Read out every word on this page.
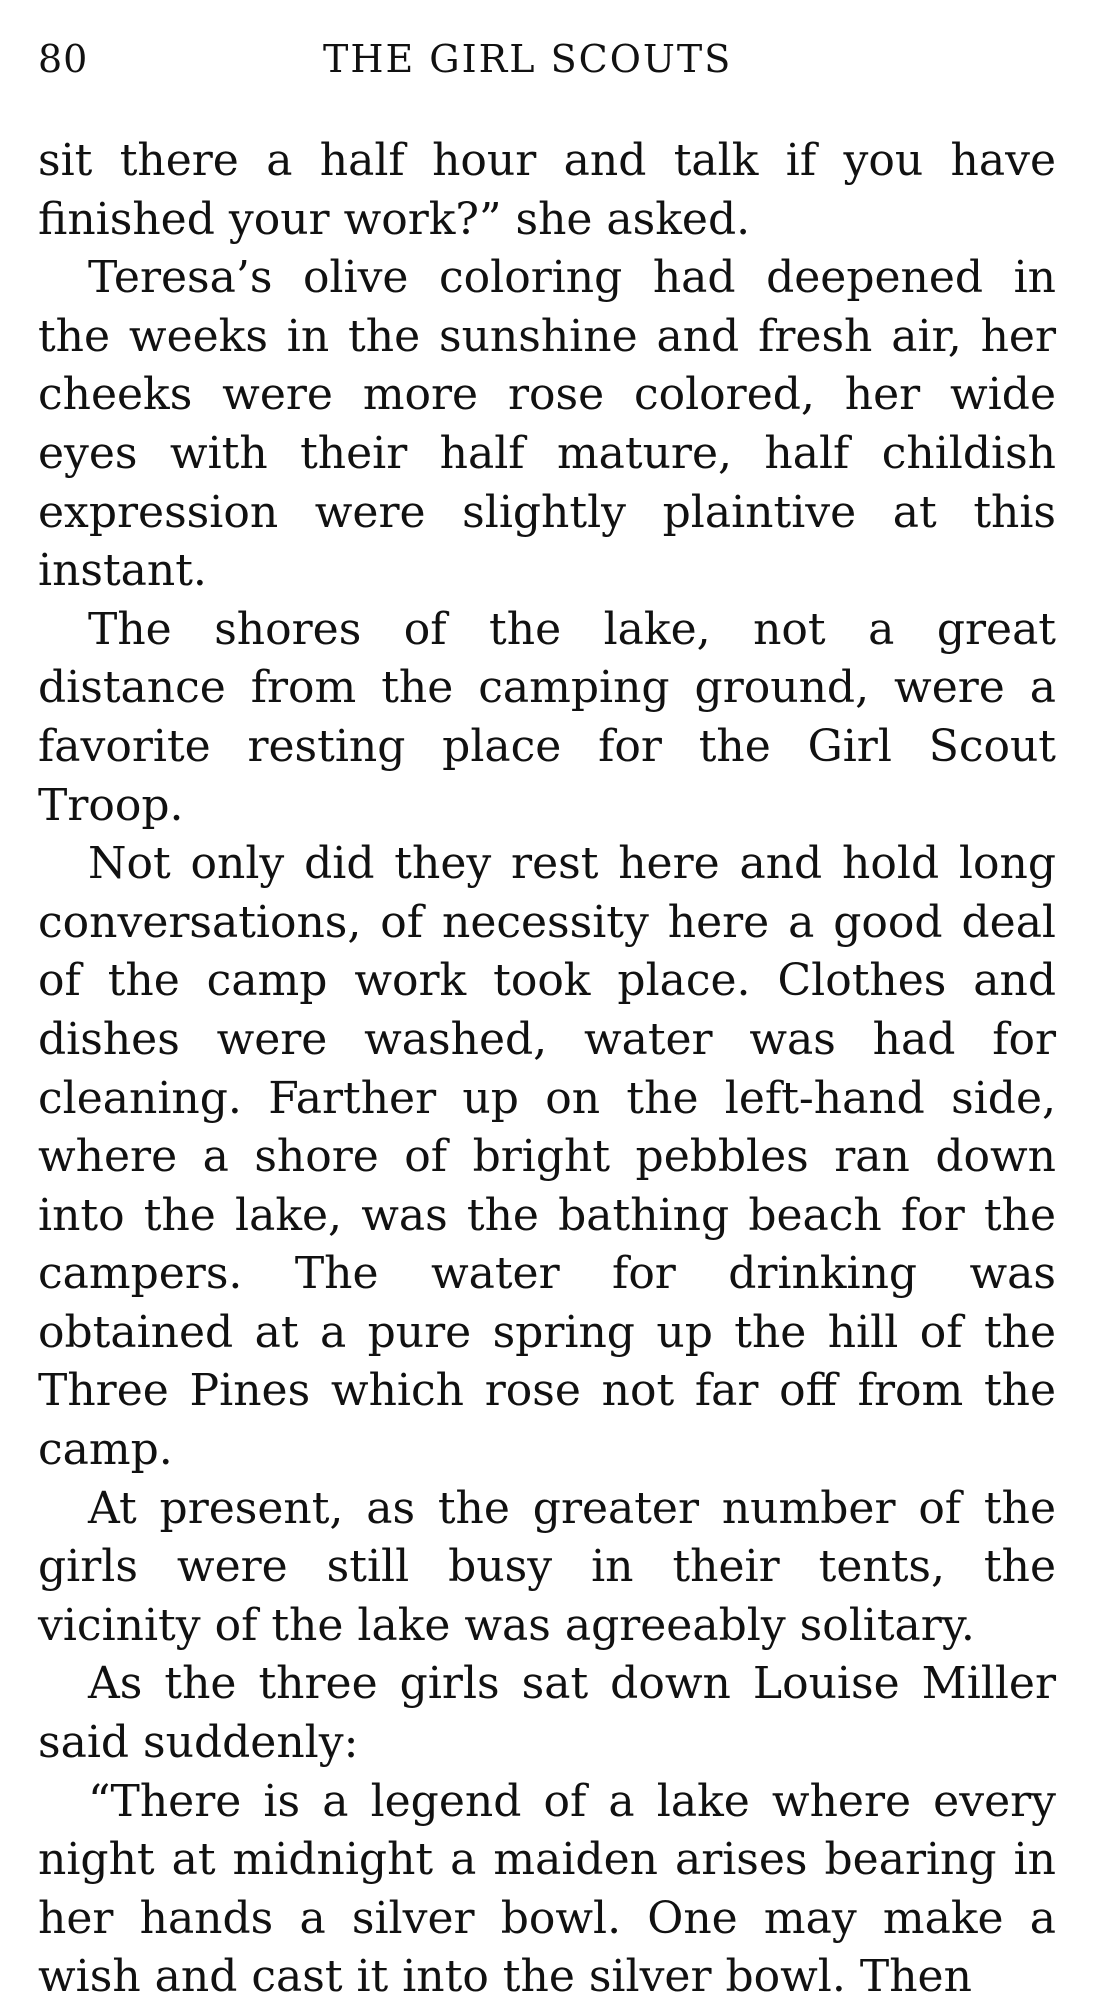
80	THE GIRL SCOUTS

sit there a half hour and talk if you have finished your work?” she asked.

Teresa’s olive coloring had deepened in the weeks in the sunshine and fresh air, her cheeks were more rose colored, her wide eyes with their half mature, half childish expression were slightly plaintive at this instant.

The shores of the lake, not a great distance from the camping ground, were a favorite resting place for the Girl Scout Troop.

Not only did they rest here and hold long conversations, of necessity here a good deal of the camp work took place. Clothes and dishes were washed, water was had for cleaning. Farther up on the left-hand side, where a shore of bright pebbles ran down into the lake, was the bathing beach for the campers. The water for drinking was obtained at a pure spring up the hill of the Three Pines which rose not far off from the camp.

At present, as the greater number of the girls were still busy in their tents, the vicinity of the lake was agreeably solitary.

As the three girls sat down Louise Miller said suddenly:

“There is a legend of a lake where every night at midnight a maiden arises bearing in her hands a silver bowl. One may make a wish and cast it into the silver bowl. Then
